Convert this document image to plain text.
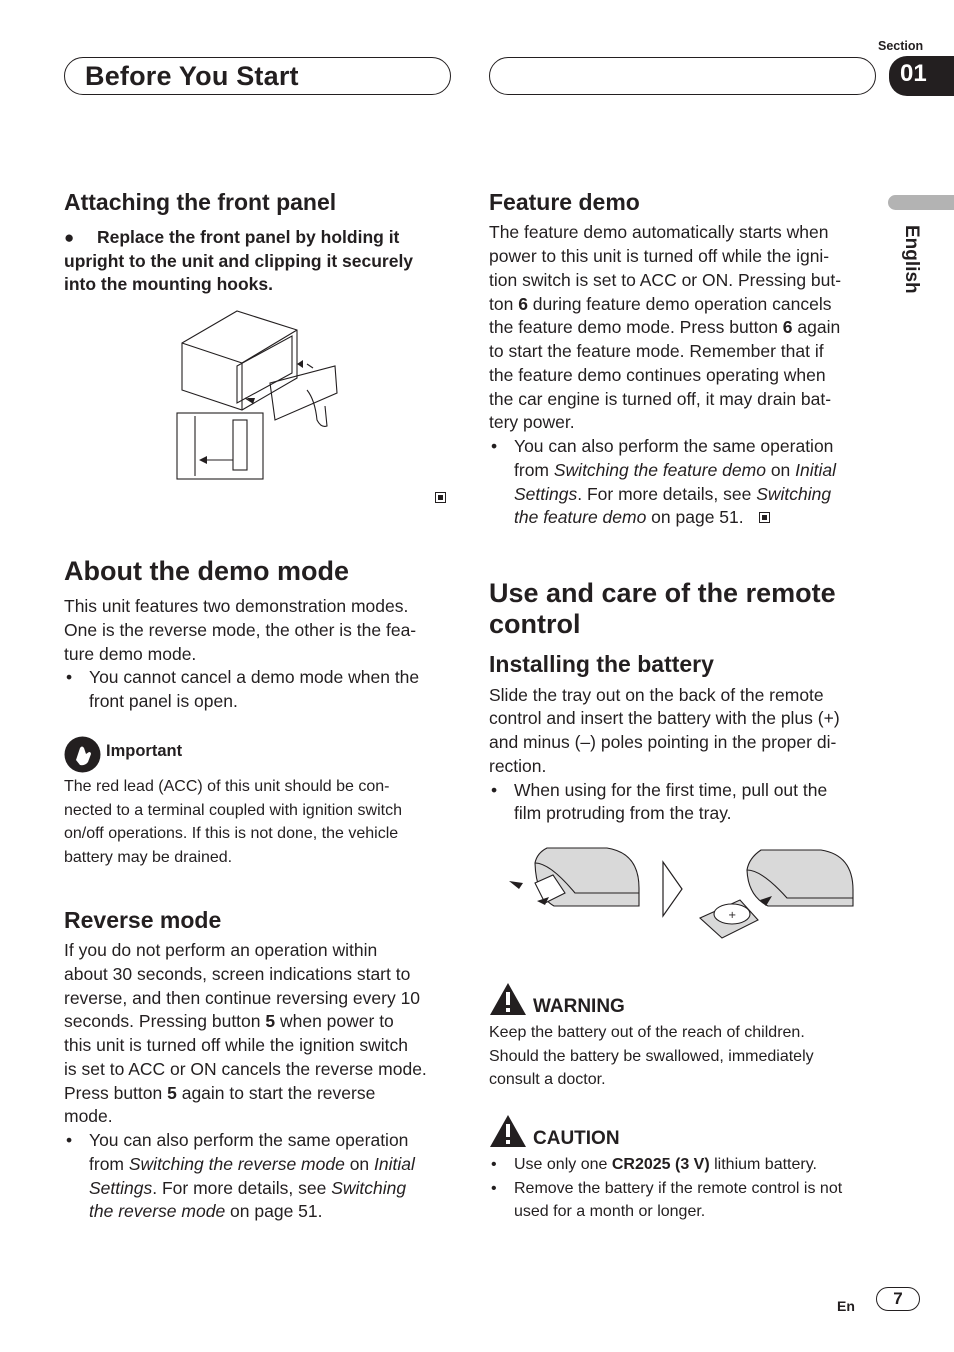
Before You Start
Section
01
English
Attaching the front panel
● Replace the front panel by holding it

upright to the unit and clipping it securely

into the mounting hooks.

About the demo mode

This unit features two demonstration modes.

One is the reverse mode, the other is the fea-

ture demo mode.

• You cannot cancel a demo mode when the

front panel is open.

Important

The red lead (ACC) of this unit should be con-

nected to a terminal coupled with ignition switch

on/off operations. If this is not done, the vehicle

battery may be drained.

Reverse mode

If you do not perform an operation within

about 30 seconds, screen indications start to

reverse, and then continue reversing every 10

seconds. Pressing button 5 when power to

this unit is turned off while the ignition switch

is set to ACC or ON cancels the reverse mode.

Press button 5 again to start the reverse

mode.

• You can also perform the same operation

from Switching the reverse mode on Initial

Settings. For more details, see Switching

the reverse mode on page 51.

Feature demo

The feature demo automatically starts when

power to this unit is turned off while the igni-

tion switch is set to ACC or ON. Pressing but-

ton 6 during feature demo operation cancels

the feature demo mode. Press button 6 again

to start the feature mode. Remember that if

the feature demo continues operating when

the car engine is turned off, it may drain bat-

tery power.

• You can also perform the same operation

from Switching the feature demo on Initial

Settings. For more details, see Switching

the feature demo on page 51.

Use and care of the remote
control
Installing the battery

Slide the tray out on the back of the remote

control and insert the battery with the plus (+)

and minus (–) poles pointing in the proper di-

rection.

• When using for the first time, pull out the

film protruding from the tray.

+
WARNING

Keep the battery out of the reach of children.

Should the battery be swallowed, immediately

consult a doctor.

CAUTION
• Use only one CR2025 (3 V) lithium battery.

• Remove the battery if the remote control is not

used for a month or longer.

En	7
